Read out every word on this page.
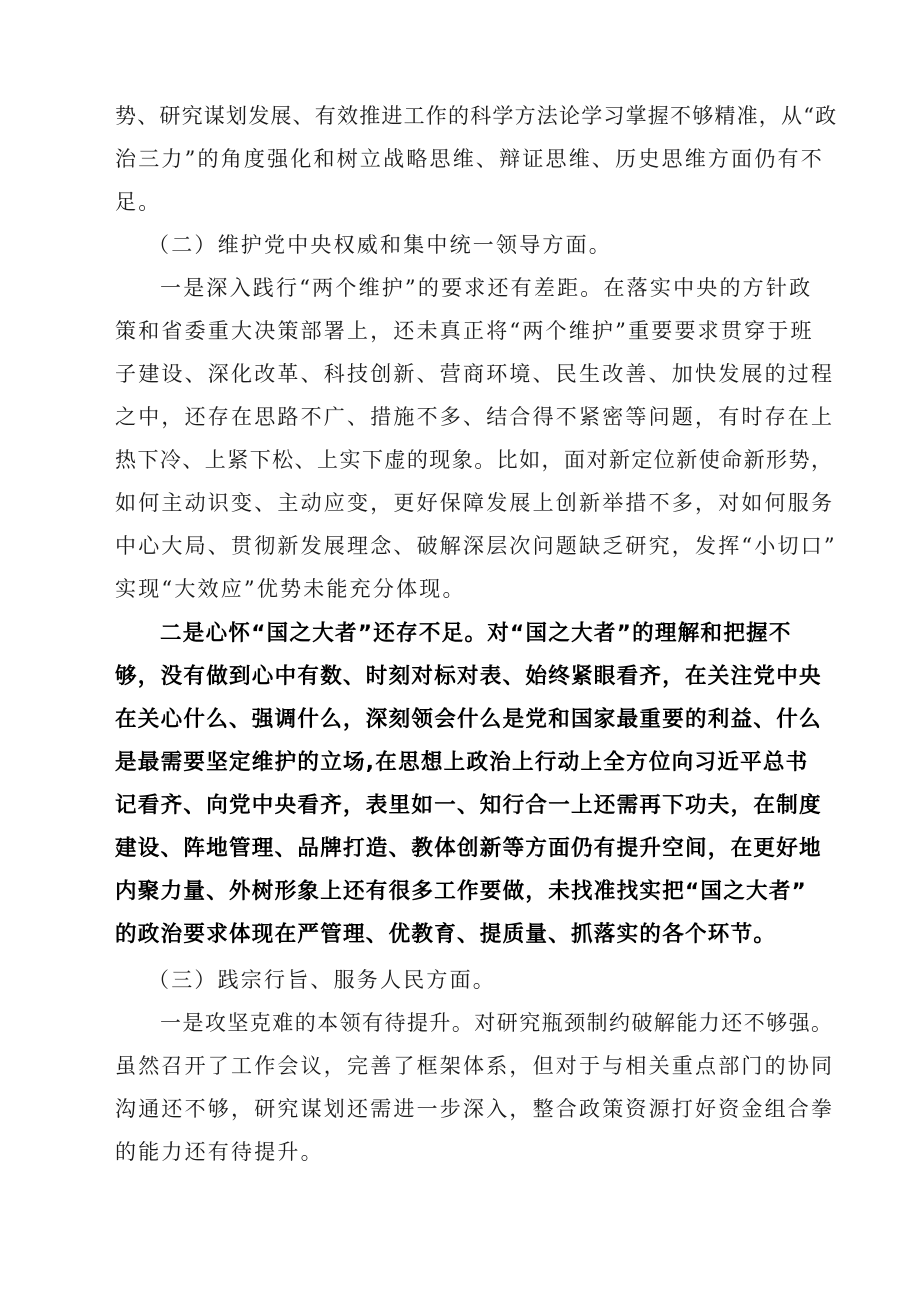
势、研究谋划发展、有效推进工作的科学方法论学习掌握不够精准，从“政

治三力”的角度强化和树立战略思维、辩证思维、历史思维方面仍有不

足。

（二）维护党中央权威和集中统一领导方面。

一是深入践行“两个维护”的要求还有差距。在落实中央的方针政

策和省委重大决策部署上，还未真正将“两个维护”重要要求贯穿于班

子建设、深化改革、科技创新、营商环境、民生改善、加快发展的过程

之中，还存在思路不广、措施不多、结合得不紧密等问题，有时存在上

热下冷、上紧下松、上实下虚的现象。比如，面对新定位新使命新形势，

如何主动识变、主动应变，更好保障发展上创新举措不多，对如何服务

中心大局、贯彻新发展理念、破解深层次问题缺乏研究，发挥“小切口”

实现“大效应”优势未能充分体现。

二是心怀“国之大者”还存不足。对“国之大者”的理解和把握不

够，没有做到心中有数、时刻对标对表、始终紧眼看齐，在关注党中央

在关心什么、强调什么，深刻领会什么是党和国家最重要的利益、什么

是最需要坚定维护的立场,在思想上政治上行动上全方位向习近平总书

记看齐、向党中央看齐，表里如一、知行合一上还需再下功夫，在制度

建设、阵地管理、品牌打造、教体创新等方面仍有提升空间，在更好地

内聚力量、外树形象上还有很多工作要做，未找准找实把“国之大者”

的政治要求体现在严管理、优教育、提质量、抓落实的各个环节。

（三）践宗行旨、服务人民方面。

一是攻坚克难的本领有待提升。对研究瓶颈制约破解能力还不够强。

虽然召开了工作会议，完善了框架体系，但对于与相关重点部门的协同

沟通还不够，研究谋划还需进一步深入，整合政策资源打好资金组合拳

的能力还有待提升。
